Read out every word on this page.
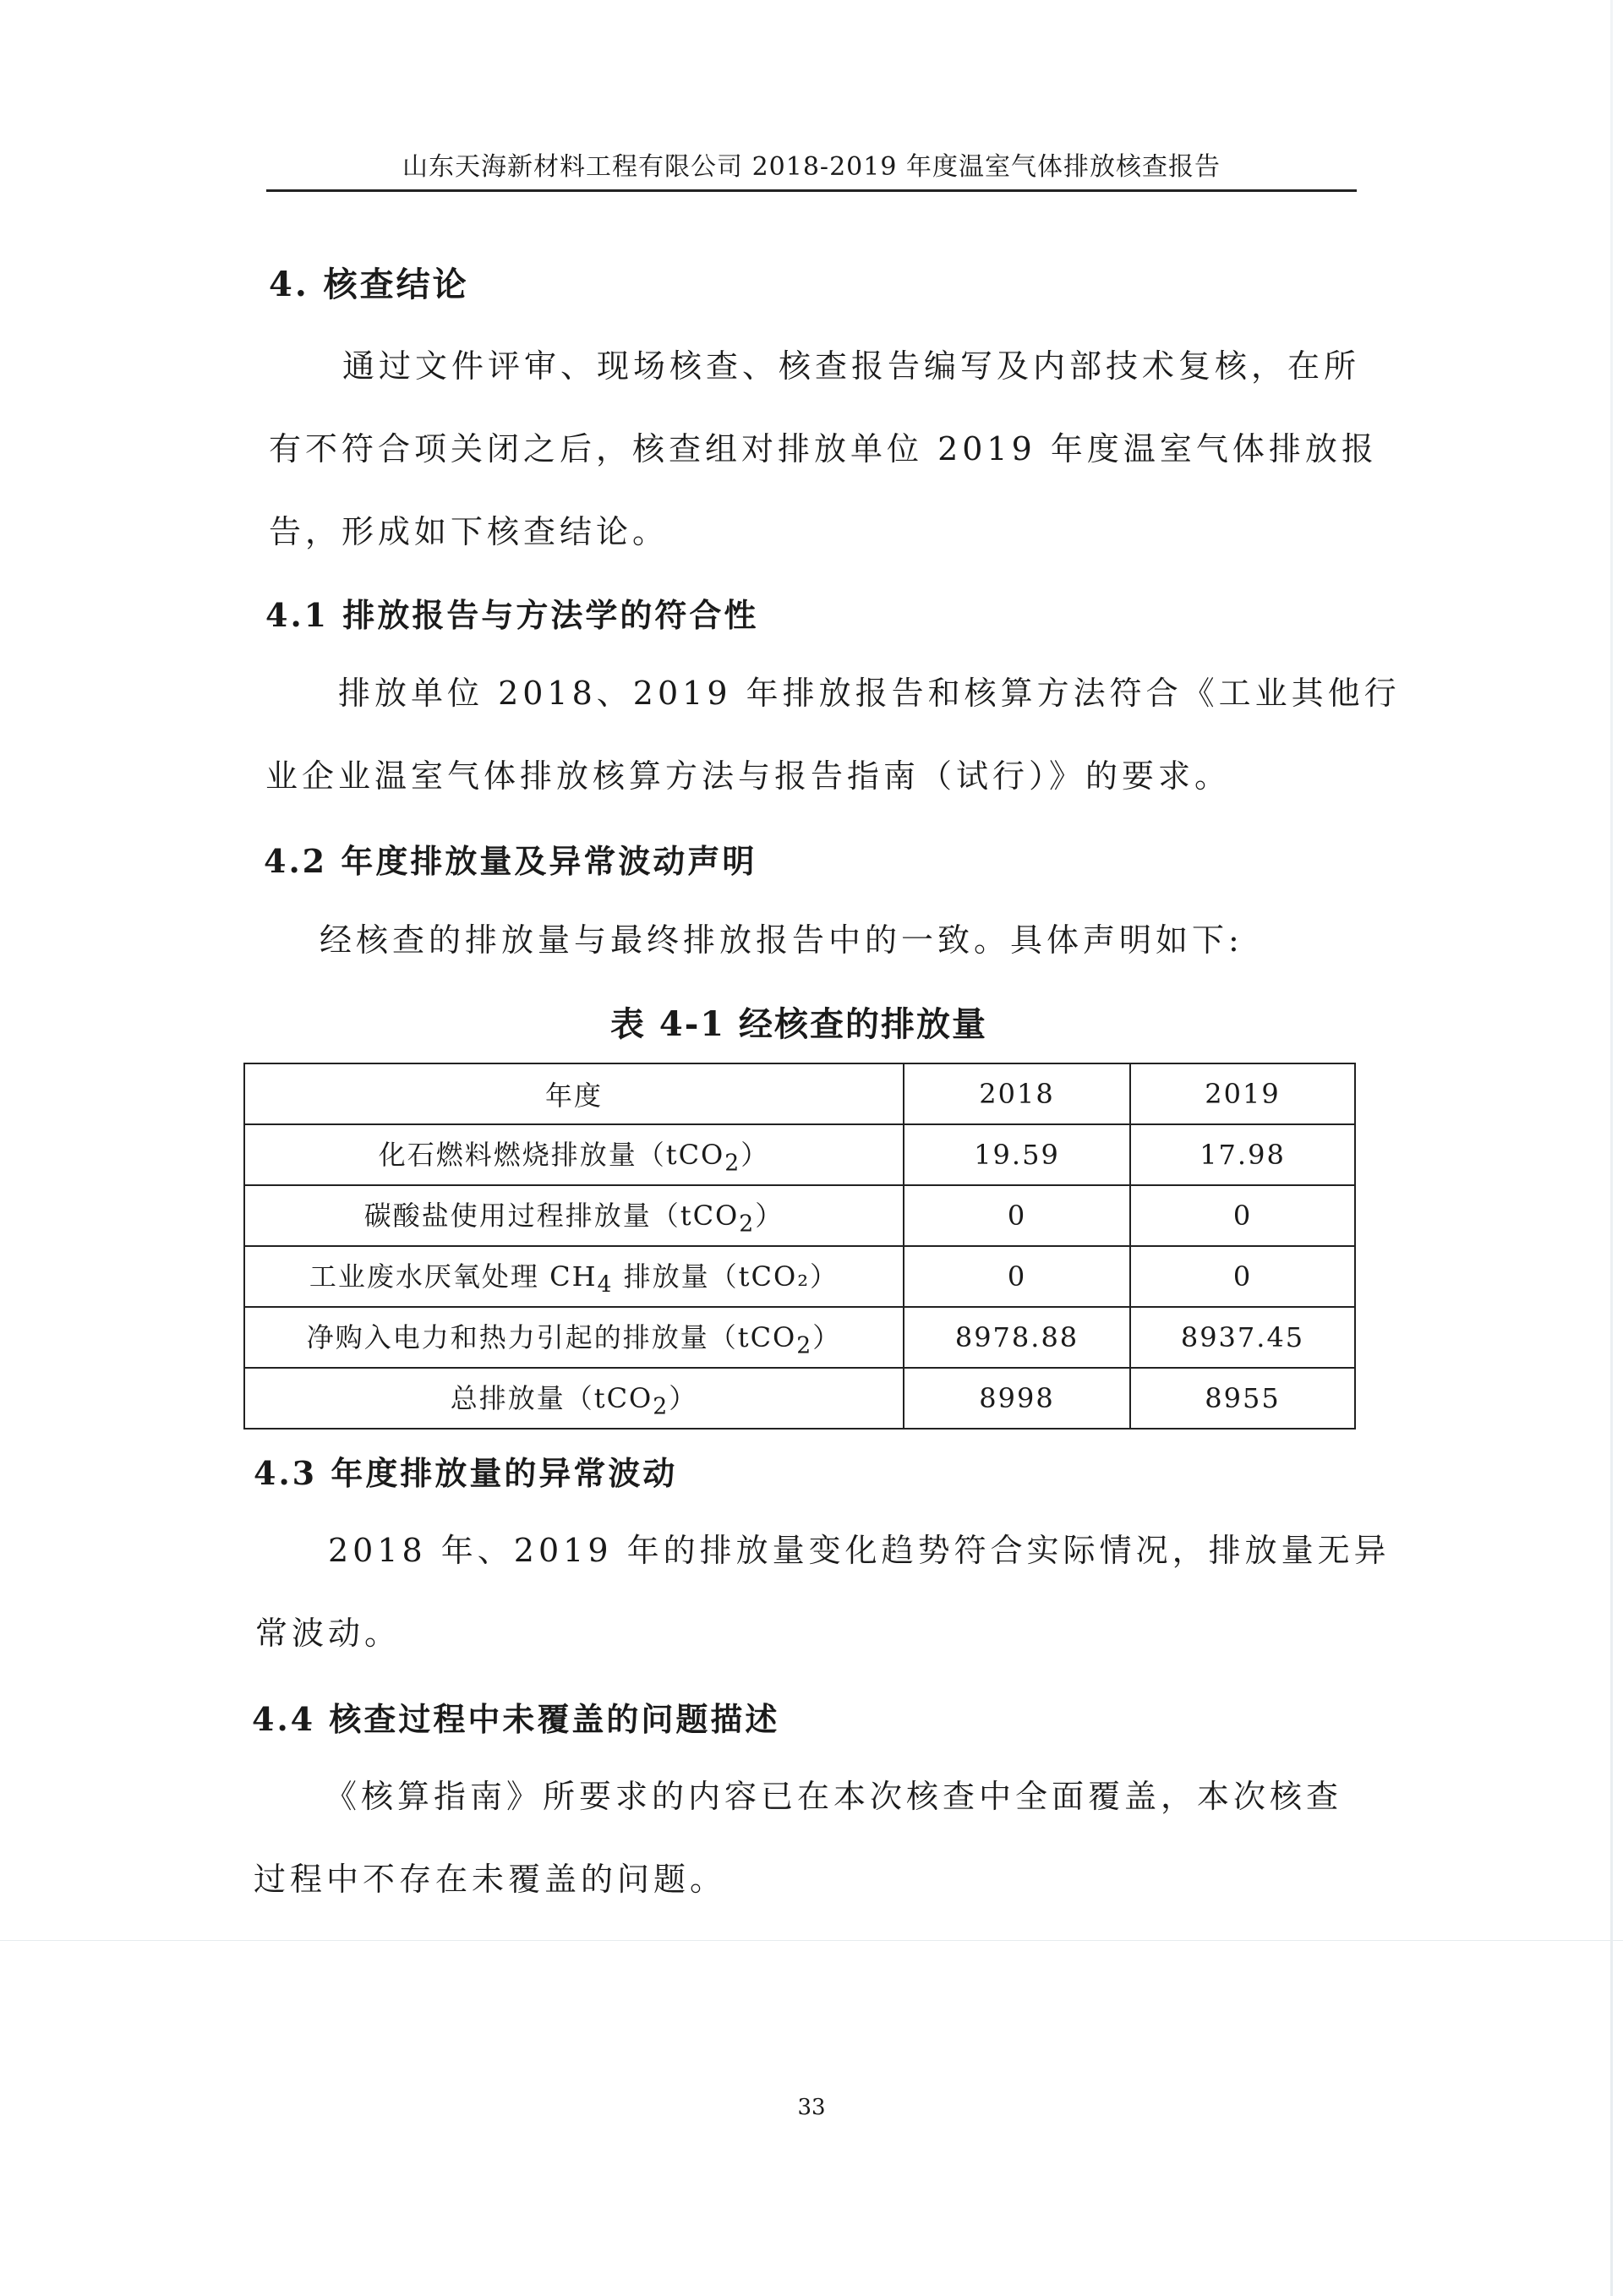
山东天海新材料工程有限公司 2018-2019 年度温室气体排放核查报告
4. 核查结论
通过文件评审、现场核查、核查报告编写及内部技术复核，在所
有不符合项关闭之后，核查组对排放单位 2019 年度温室气体排放报
告，形成如下核查结论。
4.1 排放报告与方法学的符合性
排放单位 2018、2019 年排放报告和核算方法符合《工业其他行
业企业温室气体排放核算方法与报告指南（试行）》的要求。
4.2 年度排放量及异常波动声明
经核查的排放量与最终排放报告中的一致。具体声明如下:
表 4-1 经核查的排放量
年度	2018	2019
化石燃料燃烧排放量（tCO$_2$）	19.59	17.98
碳酸盐使用过程排放量（tCO$_2$）	0	0
工业废水厌氧处理 $CH_4$ 排放量（tCO₂）	0	0
净购入电力和热力引起的排放量（tCO$_2$）	8978.88	8937.45
总排放量（tCO$_2$）	8998	8955
4.3 年度排放量的异常波动
2018 年、2019 年的排放量变化趋势符合实际情况，排放量无异
常波动。
4.4 核查过程中未覆盖的问题描述
《核算指南》所要求的内容已在本次核查中全面覆盖，本次核查
过程中不存在未覆盖的问题。
33
